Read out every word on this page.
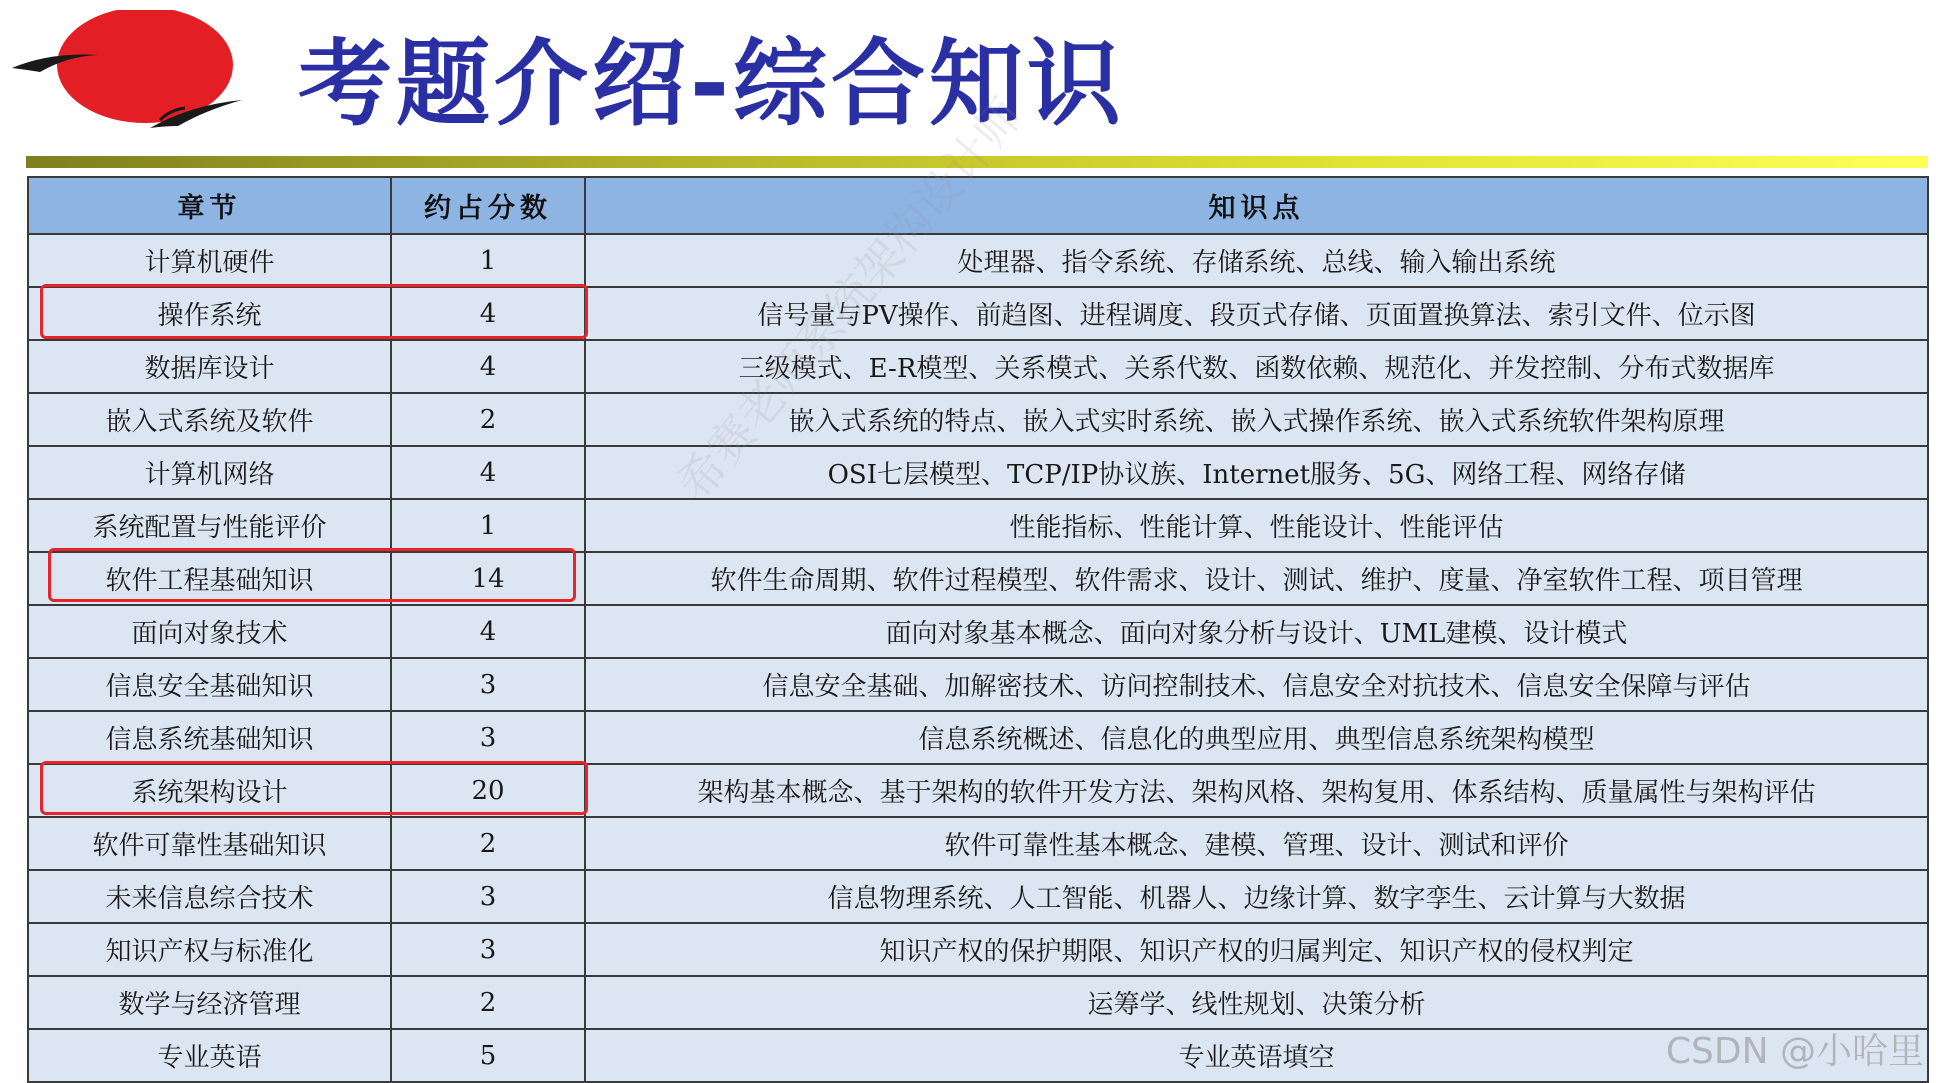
考题介绍-综合知识
章节	约占分数	知识点
计算机硬件	1	处理器、指令系统、存储系统、总线、输入输出系统
操作系统	4	信号量与PV操作、前趋图、进程调度、段页式存储、页面置换算法、索引文件、位示图
数据库设计	4	三级模式、E-R模型、关系模式、关系代数、函数依赖、规范化、并发控制、分布式数据库
嵌入式系统及软件	2	嵌入式系统的特点、嵌入式实时系统、嵌入式操作系统、嵌入式系统软件架构原理
计算机网络	4	OSI七层模型、TCP/IP协议族、Internet服务、5G、网络工程、网络存储
系统配置与性能评价	1	性能指标、性能计算、性能设计、性能评估
软件工程基础知识	14	软件生命周期、软件过程模型、软件需求、设计、测试、维护、度量、净室软件工程、项目管理
面向对象技术	4	面向对象基本概念、面向对象分析与设计、UML建模、设计模式
信息安全基础知识	3	信息安全基础、加解密技术、访问控制技术、信息安全对抗技术、信息安全保障与评估
信息系统基础知识	3	信息系统概述、信息化的典型应用、典型信息系统架构模型
系统架构设计	20	架构基本概念、基于架构的软件开发方法、架构风格、架构复用、体系结构、质量属性与架构评估
软件可靠性基础知识	2	软件可靠性基本概念、建模、管理、设计、测试和评价
未来信息综合技术	3	信息物理系统、人工智能、机器人、边缘计算、数字孪生、云计算与大数据
知识产权与标准化	3	知识产权的保护期限、知识产权的归属判定、知识产权的侵权判定
数学与经济管理	2	运筹学、线性规划、决策分析
专业英语	5	专业英语填空	CSDN @小哈里
